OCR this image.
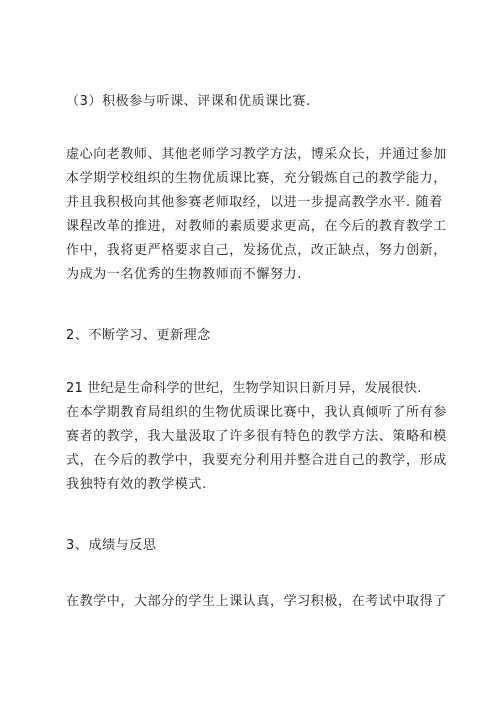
（3）积极参与听课、评课和优质课比赛.

虚心向老教师、其他老师学习教学方法，博采众长，并通过参加
本学期学校组织的生物优质课比赛，充分锻炼自己的教学能力，
并且我积极向其他参赛老师取经，以进一步提高教学水平. 随着
课程改革的推进，对教师的素质要求更高，在今后的教育教学工
作中，我将更严格要求自己，发扬优点，改正缺点，努力创新，
为成为一名优秀的生物教师而不懈努力.

2、不断学习、更新理念

21 世纪是生命科学的世纪，生物学知识日新月异，发展很快.
在本学期教育局组织的生物优质课比赛中，我认真倾听了所有参
赛者的教学，我大量汲取了许多很有特色的教学方法、策略和模
式，在今后的教学中，我要充分利用并整合进自己的教学，形成
我独特有效的教学模式.

3、成绩与反思

在教学中，大部分的学生上课认真，学习积极，在考试中取得了
